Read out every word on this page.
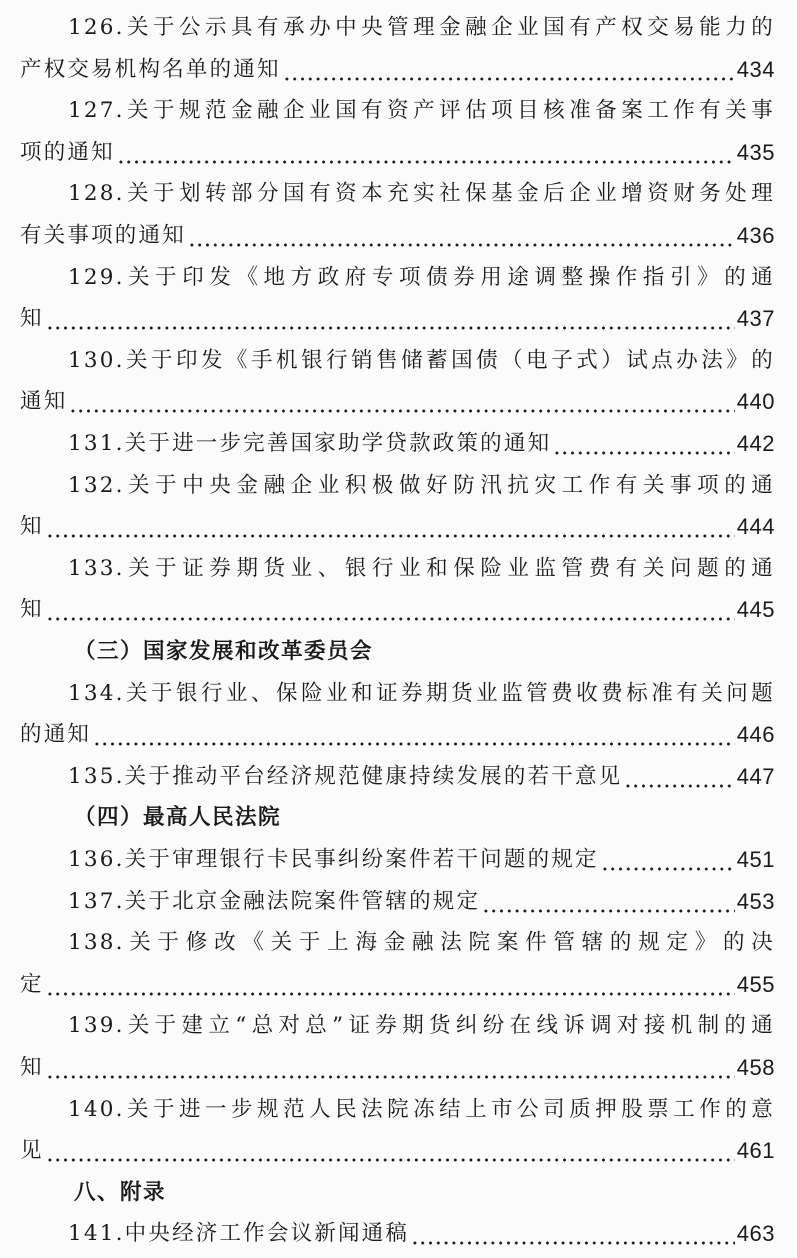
126.关于公示具有承办中央管理金融企业国有产权交易能力的
产权交易机构名单的通知	434
127.关于规范金融企业国有资产评估项目核准备案工作有关事
项的通知	435
128.关于划转部分国有资本充实社保基金后企业增资财务处理
有关事项的通知	436
129.关于印发《地方政府专项债券用途调整操作指引》的通
知	437
130.关于印发《手机银行销售储蓄国债（电子式）试点办法》的
通知	440
131.关于进一步完善国家助学贷款政策的通知	442
132.关于中央金融企业积极做好防汛抗灾工作有关事项的通
知	444
133.关于证券期货业、银行业和保险业监管费有关问题的通
知	445
（三）国家发展和改革委员会
134.关于银行业、保险业和证券期货业监管费收费标准有关问题
的通知	446
135.关于推动平台经济规范健康持续发展的若干意见	447
（四）最高人民法院
136.关于审理银行卡民事纠纷案件若干问题的规定	451
137.关于北京金融法院案件管辖的规定	453
138.关于修改《关于上海金融法院案件管辖的规定》的决
定	455
139.关于建立“总对总”证券期货纠纷在线诉调对接机制的通
知	458
140.关于进一步规范人民法院冻结上市公司质押股票工作的意
见	461
八、附录
141.中央经济工作会议新闻通稿	463
